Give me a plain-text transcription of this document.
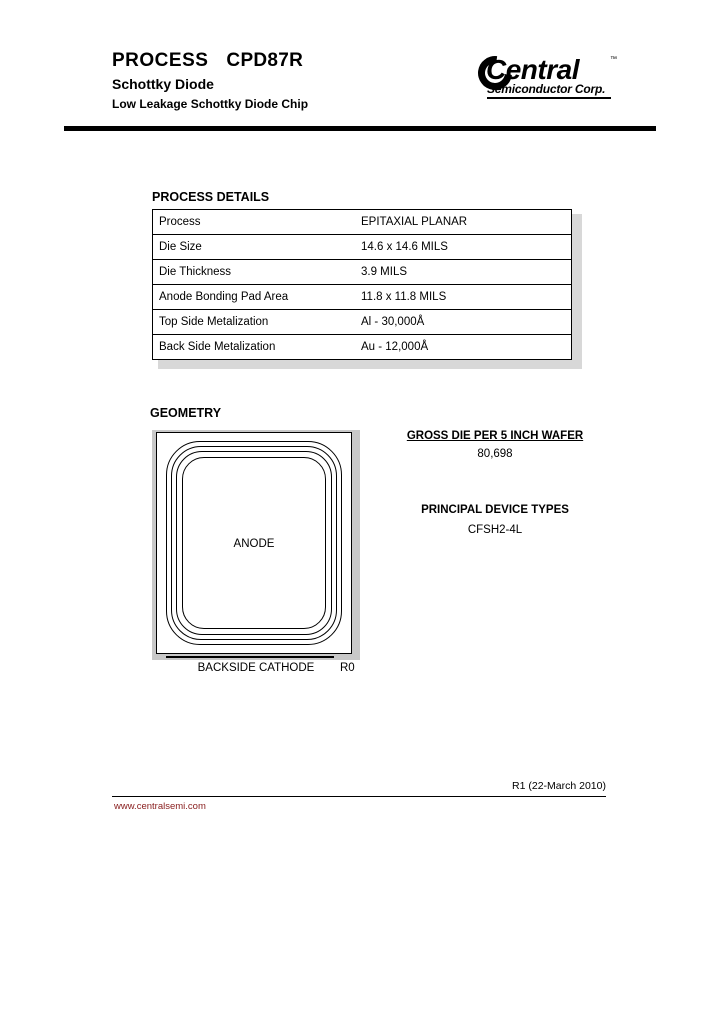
PROCESS CPD87R
Schottky Diode
Low Leakage Schottky Diode Chip
Central
Semiconductor Corp.
™
PROCESS DETAILS
Process	EPITAXIAL PLANAR
Die Size	14.6 x 14.6 MILS
Die Thickness	3.9 MILS
Anode Bonding Pad Area	11.8 x 11.8 MILS
Top Side Metalization	Al - 30,000Å
Back Side Metalization	Au - 12,000Å
GEOMETRY
ANODE
BACKSIDE CATHODE	R0
GROSS DIE PER 5 INCH WAFER
80,698
PRINCIPAL DEVICE TYPES
CFSH2-4L
R1 (22-March 2010)
www.centralsemi.com
